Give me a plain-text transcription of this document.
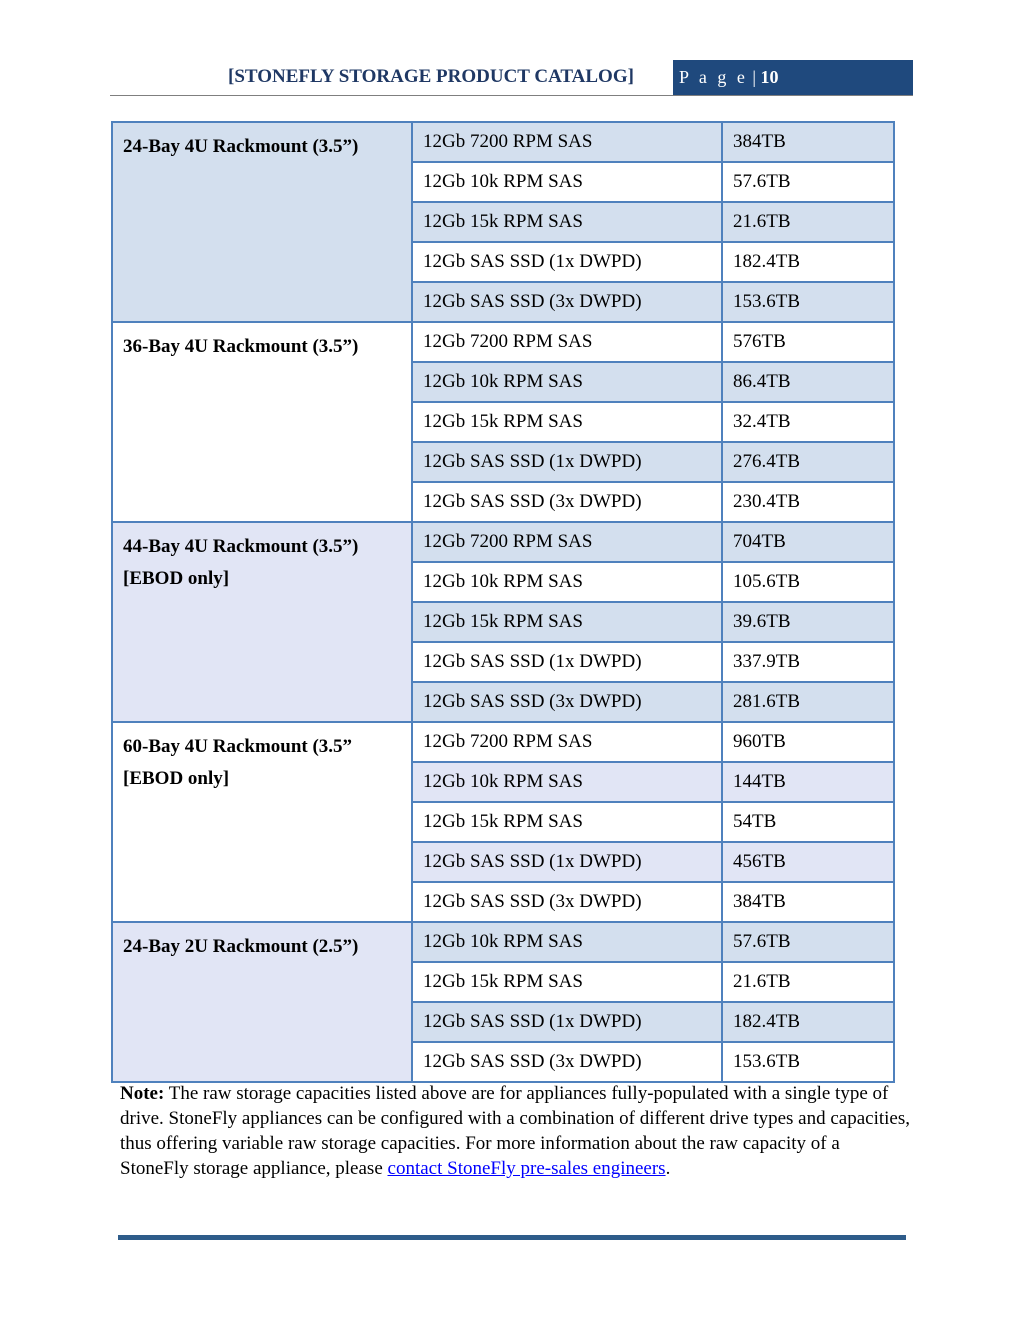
[STONEFLY STORAGE PRODUCT CATALOG]	P a g e | 10
24-Bay 4U Rackmount (3.5”)	12Gb 7200 RPM SAS	384TB
	12Gb 10k RPM SAS	57.6TB
	12Gb 15k RPM SAS	21.6TB
	12Gb SAS SSD (1x DWPD)	182.4TB
	12Gb SAS SSD (3x DWPD)	153.6TB

36-Bay 4U Rackmount (3.5”)	12Gb 7200 RPM SAS	576TB
	12Gb 10k RPM SAS	86.4TB
	12Gb 15k RPM SAS	32.4TB
	12Gb SAS SSD (1x DWPD)	276.4TB
	12Gb SAS SSD (3x DWPD)	230.4TB

44-Bay 4U Rackmount (3.5”)
[EBOD only]	12Gb 7200 RPM SAS	704TB
	12Gb 10k RPM SAS	105.6TB
	12Gb 15k RPM SAS	39.6TB
	12Gb SAS SSD (1x DWPD)	337.9TB
	12Gb SAS SSD (3x DWPD)	281.6TB

60-Bay 4U Rackmount (3.5”
[EBOD only]	12Gb 7200 RPM SAS	960TB
	12Gb 10k RPM SAS	144TB
	12Gb 15k RPM SAS	54TB
	12Gb SAS SSD (1x DWPD)	456TB
	12Gb SAS SSD (3x DWPD)	384TB

24-Bay 2U Rackmount (2.5”)	12Gb 10k RPM SAS	57.6TB
	12Gb 15k RPM SAS	21.6TB
	12Gb SAS SSD (1x DWPD)	182.4TB
	12Gb SAS SSD (3x DWPD)	153.6TB
Note: The raw storage capacities listed above are for appliances fully-populated with a single type of drive. StoneFly appliances can be configured with a combination of different drive types and capacities, thus offering variable raw storage capacities. For more information about the raw capacity of a StoneFly storage appliance, please contact StoneFly pre-sales engineers.
